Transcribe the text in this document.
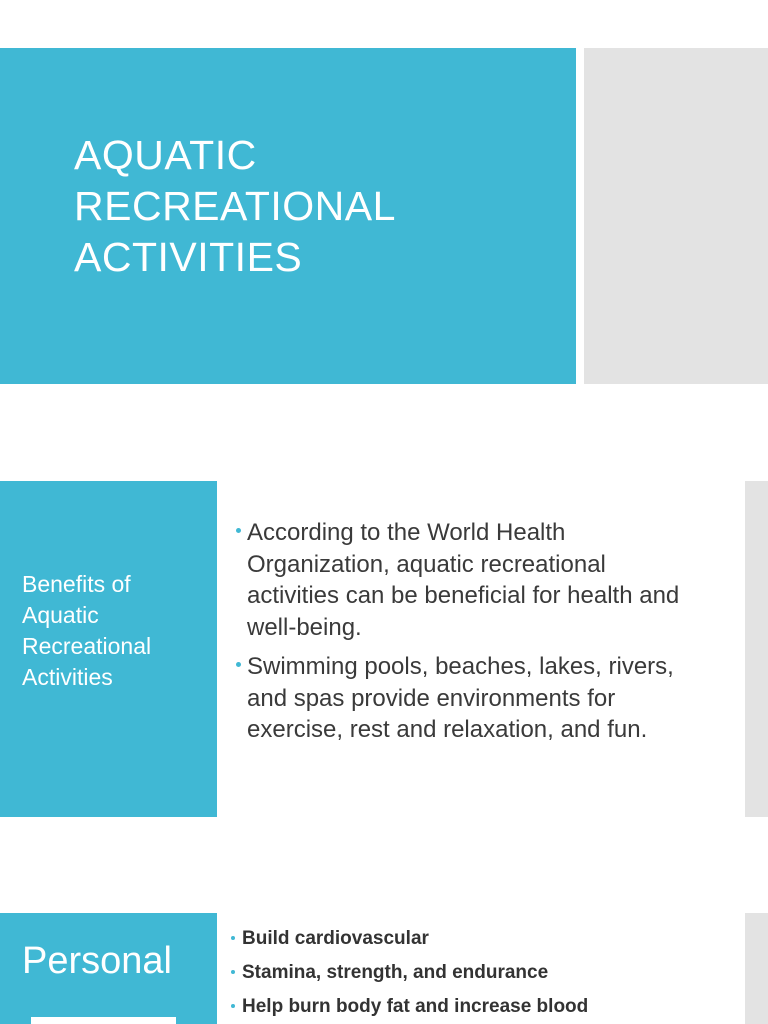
AQUATIC RECREATIONAL ACTIVITIES
Benefits of Aquatic Recreational Activities
According to the World Health Organization, aquatic recreational activities can be beneficial for health and well-being.
Swimming pools, beaches, lakes, rivers, and spas provide environments for exercise, rest and relaxation, and fun.
Personal
Build cardiovascular
Stamina, strength, and endurance
Help burn body fat and increase blood
